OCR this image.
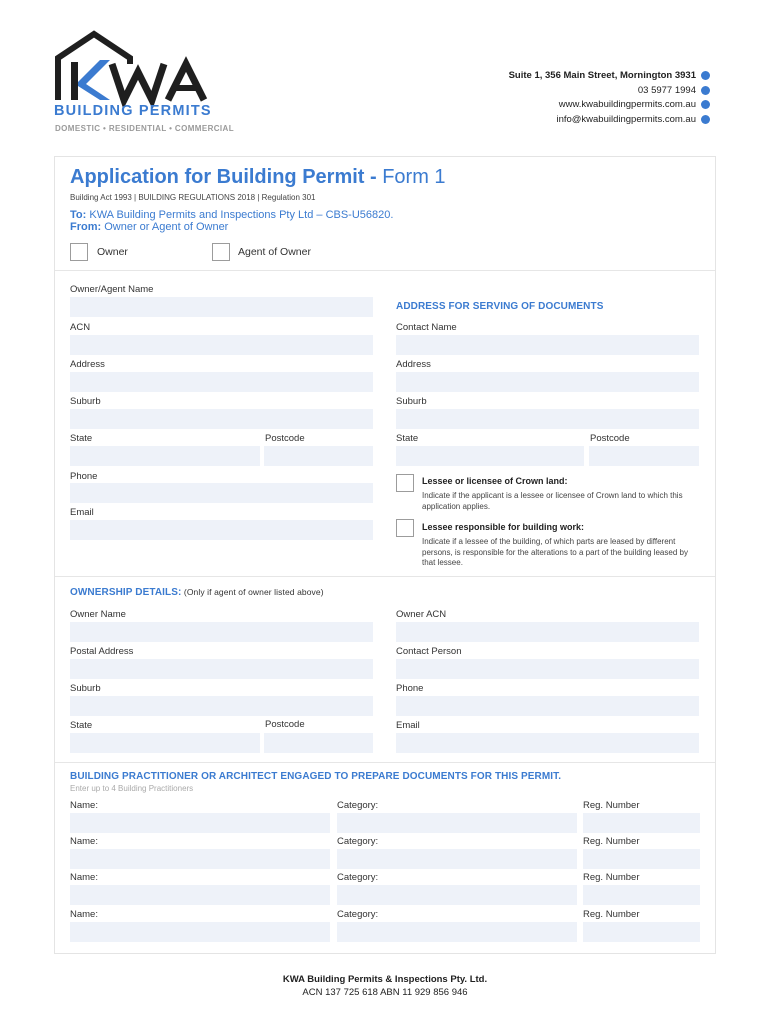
BUILDING PERMITS
DOMESTIC • RESIDENTIAL • COMMERCIAL
Suite 1, 356 Main Street, Mornington 3931
03 5977 1994
www.kwabuildingpermits.com.au
info@kwabuildingpermits.com.au
Application for Building Permit - Form 1
Building Act 1993 | BUILDING REGULATIONS 2018 | Regulation 301
To: KWA Building Permits and Inspections Pty Ltd – CBS-U56820.
From: Owner or Agent of Owner
Owner	Agent of Owner
Owner/Agent Name
ACN
Address
Suburb
State	Postcode
Phone
Email
ADDRESS FOR SERVING OF DOCUMENTS
Contact Name
Address
Suburb
State	Postcode
Lessee or licensee of Crown land:
Indicate if the applicant is a lessee or licensee of Crown land to which this application applies.
Lessee responsible for building work:
Indicate if a lessee of the building, of which parts are leased by different persons, is responsible for the alterations to a part of the building leased by that lessee.
OWNERSHIP DETAILS: (Only if agent of owner listed above)
Owner Name	Owner ACN
Postal Address	Contact Person
Suburb	Phone
State	Postcode	Email
BUILDING PRACTITIONER OR ARCHITECT ENGAGED TO PREPARE DOCUMENTS FOR THIS PERMIT.
Enter up to 4 Building Practitioners
Name:	Category:	Reg. Number
Name:	Category:	Reg. Number
Name:	Category:	Reg. Number
Name:	Category:	Reg. Number
KWA Building Permits & Inspections Pty. Ltd.
ACN 137 725 618 ABN 11 929 856 946
